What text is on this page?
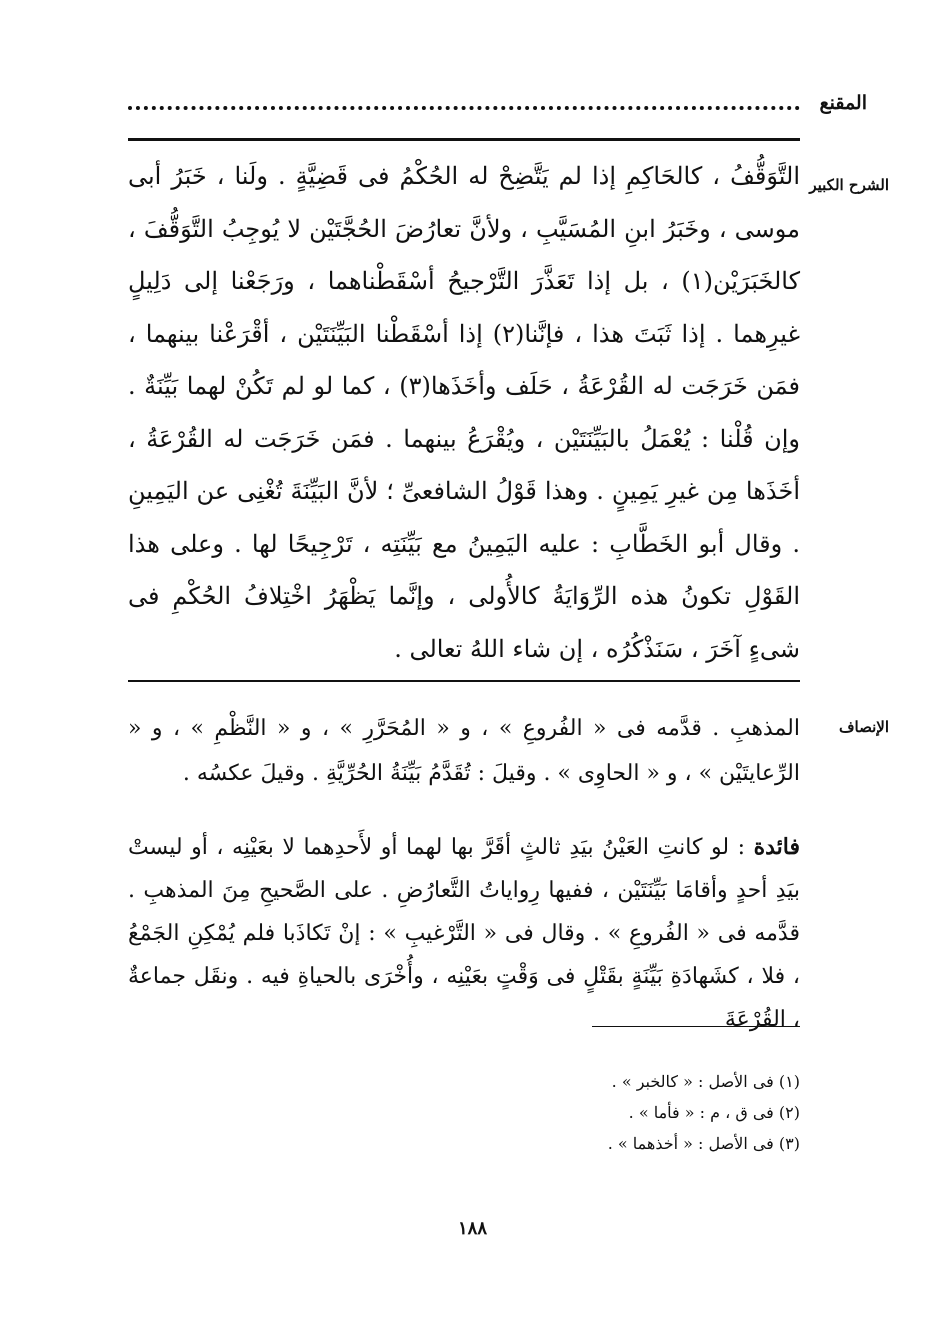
المقنع
الشرح الكبير
التَّوَقُّفُ ، كالحَاكِمِ إذا لم يَتَّضِحْ له الحُكْمُ فى قَضِيَّةٍ . ولَنا ، خَبَرُ أبى موسى ، وخَبَرُ ابنِ المُسَيَّبِ ، ولأنَّ تعارُضَ الحُجَّتَيْن لا يُوجِبُ التَّوَقُّفَ ، كالخَبَرَيْن(١) ، بل إذا تَعَذَّرَ التَّرْجيحُ أسْقَطْناهما ، ورَجَعْنا إلى دَلِيلٍ غيرِهما . إذا ثَبَتَ هذا ، فإنَّنا(٢) إذا أسْقَطْنا البَيِّنَتَيْن ، أقْرَعْنا بينهما ، فمَن خَرَجَت له القُرْعَةُ ، حَلَف وأخَذَها(٣) ، كما لو لم تَكُنْ لهما بَيِّنَةٌ . وإن قُلْنا : يُعْمَلُ بالبَيِّنَتَيْن ، ويُقْرَعُ بينهما . فمَن خَرَجَت له القُرْعَةُ ، أخَذَها مِن غيرِ يَمِينٍ . وهذا قَوْلُ الشافعىِّ ؛ لأنَّ البَيِّنَةَ تُغْنِى عن اليَمِينِ . وقال أبو الخَطَّابِ : عليه اليَمِينُ مع بَيِّنَتِه ، تَرْجِيحًا لها . وعلى هذا القَوْلِ تكونُ هذه الرِّوَايَةُ كالأُولى ، وإنَّما يَظْهَرُ اخْتِلافُ الحُكْمِ فى شىءٍ آخَرَ ، سَنَذْكُرُه ، إن شاء اللهُ تعالى .
الإنصاف
المذهبِ . قدَّمه فى « الفُروعِ » ، و « المُحَرَّرِ » ، و « النَّظْمِ » ، و « الرِّعايتَيْن » ، و « الحاوِى » . وقيلَ : تُقَدَّمُ بَيِّنَةُ الحُرِّيَّةِ . وقيلَ عكسُه .
فائدة : لو كانتِ العَيْنُ بيَدِ ثالثٍ أقَرَّ بها لهما أو لأَحدِهما لا بعَيْنِه ، أو ليستْ بيَدِ أحدٍ وأقامَا بَيِّنَتَيْن ، ففيها رِواياتُ التَّعارُضِ . على الصَّحيحِ مِنَ المذهبِ . قدَّمه فى « الفُروعِ » . وقال فى « التَّرْغيبِ » : إنْ تَكاذَبا فلم يُمْكِنِ الجَمْعُ ، فلا ، كشَهادَةِ بَيِّنَةٍ بقَتْلٍ فى وَقْتٍ بعَيْنِه ، وأُخْرَى بالحياةِ فيه . ونقَل جماعةٌ ، القُرْعَةَ
(١) فى الأصل : « كالخبر » .
(٢) فى ق ، م : « فأما » .
(٣) فى الأصل : « أخذهما » .
١٨٨
